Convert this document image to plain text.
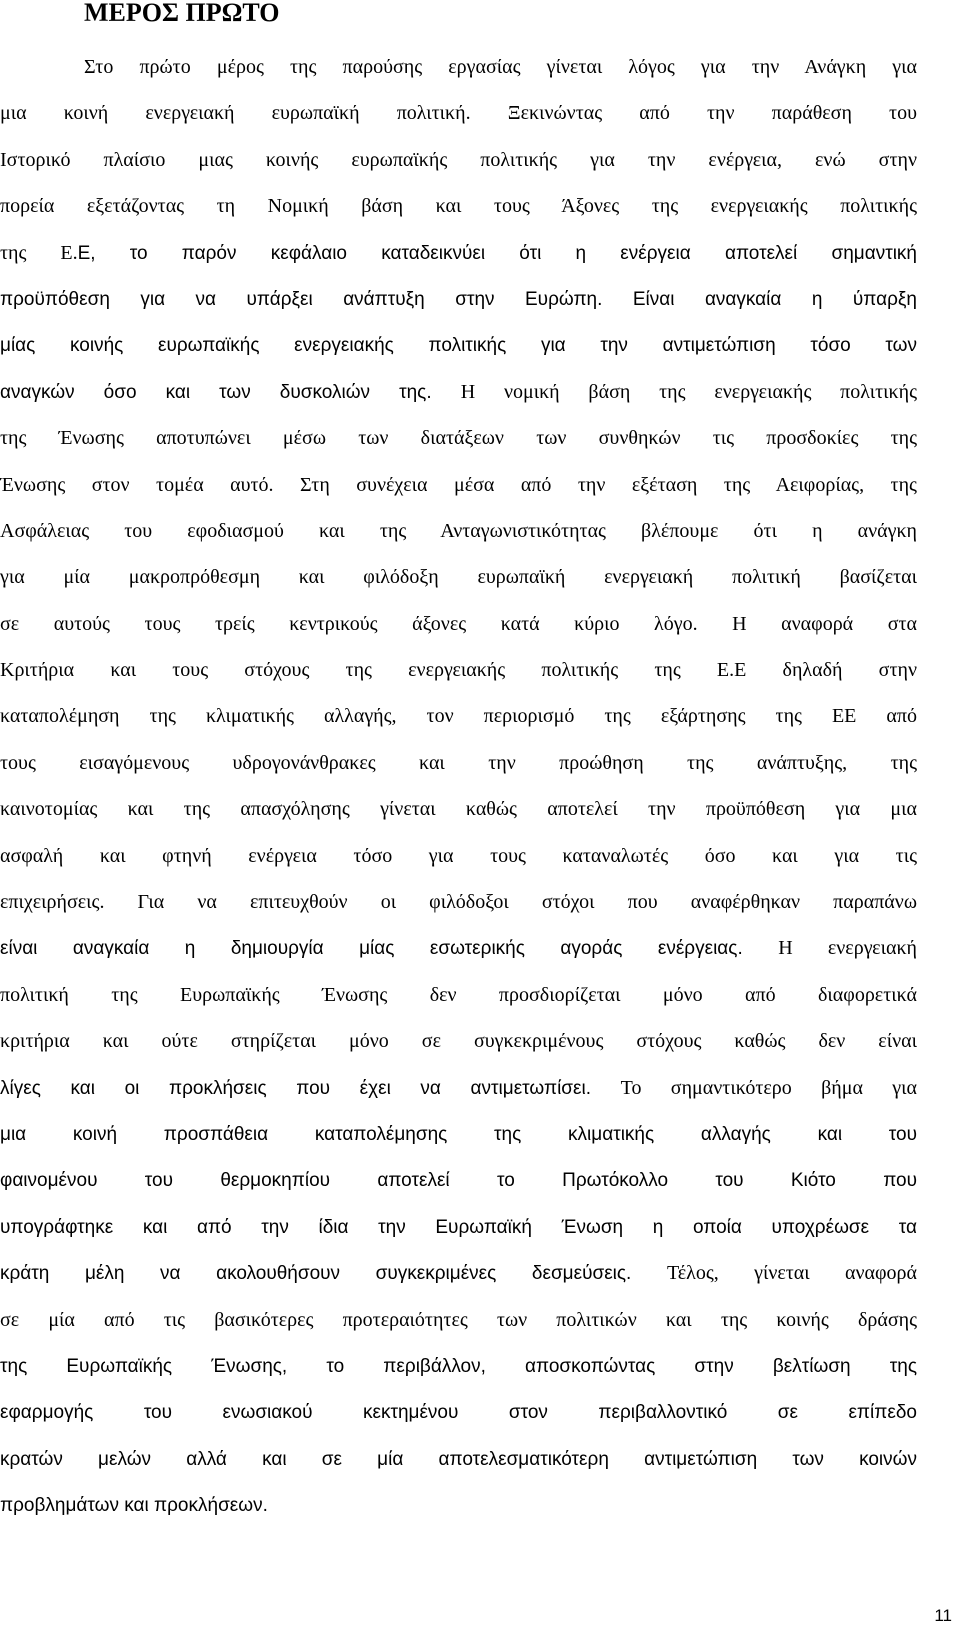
ΜΕΡΟΣ ΠΡΩΤΟ
Στο πρώτο μέρος της παρούσης εργασίας γίνεται λόγος για την Ανάγκη για
μια κοινή ενεργειακή ευρωπαϊκή πολιτική. Ξεκινώντας από την παράθεση του
Ιστορικό πλαίσιο μιας κοινής ευρωπαϊκής πολιτικής για την ενέργεια, ενώ στην
πορεία εξετάζοντας τη Νομική βάση και τους Άξονες της ενεργειακής πολιτικής
της Ε.Ε, το παρόν κεφάλαιο καταδεικνύει ότι η ενέργεια αποτελεί σημαντική
προϋπόθεση για να υπάρξει ανάπτυξη στην Ευρώπη. Είναι αναγκαία η ύπαρξη
μίας κοινής ευρωπαϊκής ενεργειακής πολιτικής για την αντιμετώπιση τόσο των
αναγκών όσο και των δυσκολιών της. Η νομική βάση της ενεργειακής πολιτικής
της Ένωσης αποτυπώνει μέσω των διατάξεων των συνθηκών τις προσδοκίες της
Ένωσης στον τομέα αυτό. Στη συνέχεια μέσα από την εξέταση της Αειφορίας, της
Ασφάλειας του εφοδιασμού και της Ανταγωνιστικότητας βλέπουμε ότι η ανάγκη
για μία μακροπρόθεσμη και φιλόδοξη ευρωπαϊκή ενεργειακή πολιτική βασίζεται
σε αυτούς τους τρείς κεντρικούς άξονες κατά κύριο λόγο. Η αναφορά στα
Κριτήρια και τους στόχους της ενεργειακής πολιτικής της Ε.Ε δηλαδή στην
καταπολέμηση της κλιματικής αλλαγής, τον περιορισμό της εξάρτησης της ΕΕ από
τους εισαγόμενους υδρογονάνθρακες και την προώθηση της ανάπτυξης, της
καινοτομίας και της απασχόλησης γίνεται καθώς αποτελεί την προϋπόθεση για μια
ασφαλή και φτηνή ενέργεια τόσο για τους καταναλωτές όσο και για τις
επιχειρήσεις. Για να επιτευχθούν οι φιλόδοξοι στόχοι που αναφέρθηκαν παραπάνω
είναι αναγκαία η δημιουργία μίας εσωτερικής αγοράς ενέργειας. Η ενεργειακή
πολιτική της Ευρωπαϊκής Ένωσης δεν προσδιορίζεται μόνο από διαφορετικά
κριτήρια και ούτε στηρίζεται μόνο σε συγκεκριμένους στόχους καθώς δεν είναι
λίγες και οι προκλήσεις που έχει να αντιμετωπίσει. Το σημαντικότερο βήμα για
μια κοινή προσπάθεια καταπολέμησης της κλιματικής αλλαγής και του
φαινομένου του θερμοκηπίου αποτελεί το Πρωτόκολλο του Κιότο που
υπογράφτηκε και από την ίδια την Ευρωπαϊκή Ένωση η οποία υποχρέωσε τα
κράτη μέλη να ακολουθήσουν συγκεκριμένες δεσμεύσεις. Τέλος, γίνεται αναφορά
σε μία από τις βασικότερες προτεραιότητες των πολιτικών και της κοινής δράσης
της Ευρωπαϊκής Ένωσης, το περιβάλλον, αποσκοπώντας στην βελτίωση της
εφαρμογής του ενωσιακού κεκτημένου στον περιβαλλοντικό σε επίπεδο
κρατών μελών αλλά και σε μία αποτελεσματικότερη αντιμετώπιση των κοινών
προβλημάτων και προκλήσεων.
11
